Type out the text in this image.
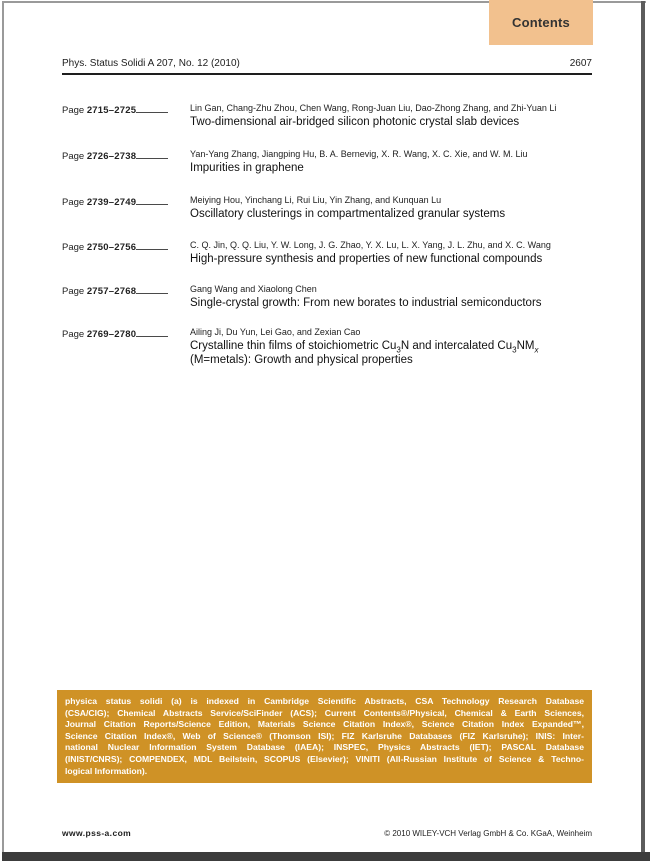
Contents
Phys. Status Solidi A 207, No. 12 (2010)	2607
Page 2715–2725	Lin Gan, Chang-Zhu Zhou, Chen Wang, Rong-Juan Liu, Dao-Zhong Zhang, and Zhi-Yuan Li
Two-dimensional air-bridged silicon photonic crystal slab devices
Page 2726–2738	Yan-Yang Zhang, Jiangping Hu, B. A. Bernevig, X. R. Wang, X. C. Xie, and W. M. Liu
Impurities in graphene
Page 2739–2749	Meiying Hou, Yinchang Li, Rui Liu, Yin Zhang, and Kunquan Lu
Oscillatory clusterings in compartmentalized granular systems
Page 2750–2756	C. Q. Jin, Q. Q. Liu, Y. W. Long, J. G. Zhao, Y. X. Lu, L. X. Yang, J. L. Zhu, and X. C. Wang
High-pressure synthesis and properties of new functional compounds
Page 2757–2768	Gang Wang and Xiaolong Chen
Single-crystal growth: From new borates to industrial semiconductors
Page 2769–2780	Ailing Ji, Du Yun, Lei Gao, and Zexian Cao
Crystalline thin films of stoichiometric $Cu_3N$ and intercalated $Cu_3NM_x$
(M=metals): Growth and physical properties
physica status solidi (a) is indexed in Cambridge Scientific Abstracts, CSA Technology Research Database
(CSA/CIG); Chemical Abstracts Service/SciFinder (ACS); Current Contents®/Physical, Chemical & Earth Sciences,
Journal Citation Reports/Science Edition, Materials Science Citation Index®, Science Citation Index Expanded™,
Science Citation Index®, Web of Science® (Thomson ISI); FIZ Karlsruhe Databases (FIZ Karlsruhe); INIS: Inter-
national Nuclear Information System Database (IAEA); INSPEC, Physics Abstracts (IET); PASCAL Database
(INIST/CNRS); COMPENDEX, MDL Beilstein, SCOPUS (Elsevier); VINITI (All-Russian Institute of Science & Techno-
logical Information).
www.pss-a.com	© 2010 WILEY-VCH Verlag GmbH & Co. KGaA, Weinheim
